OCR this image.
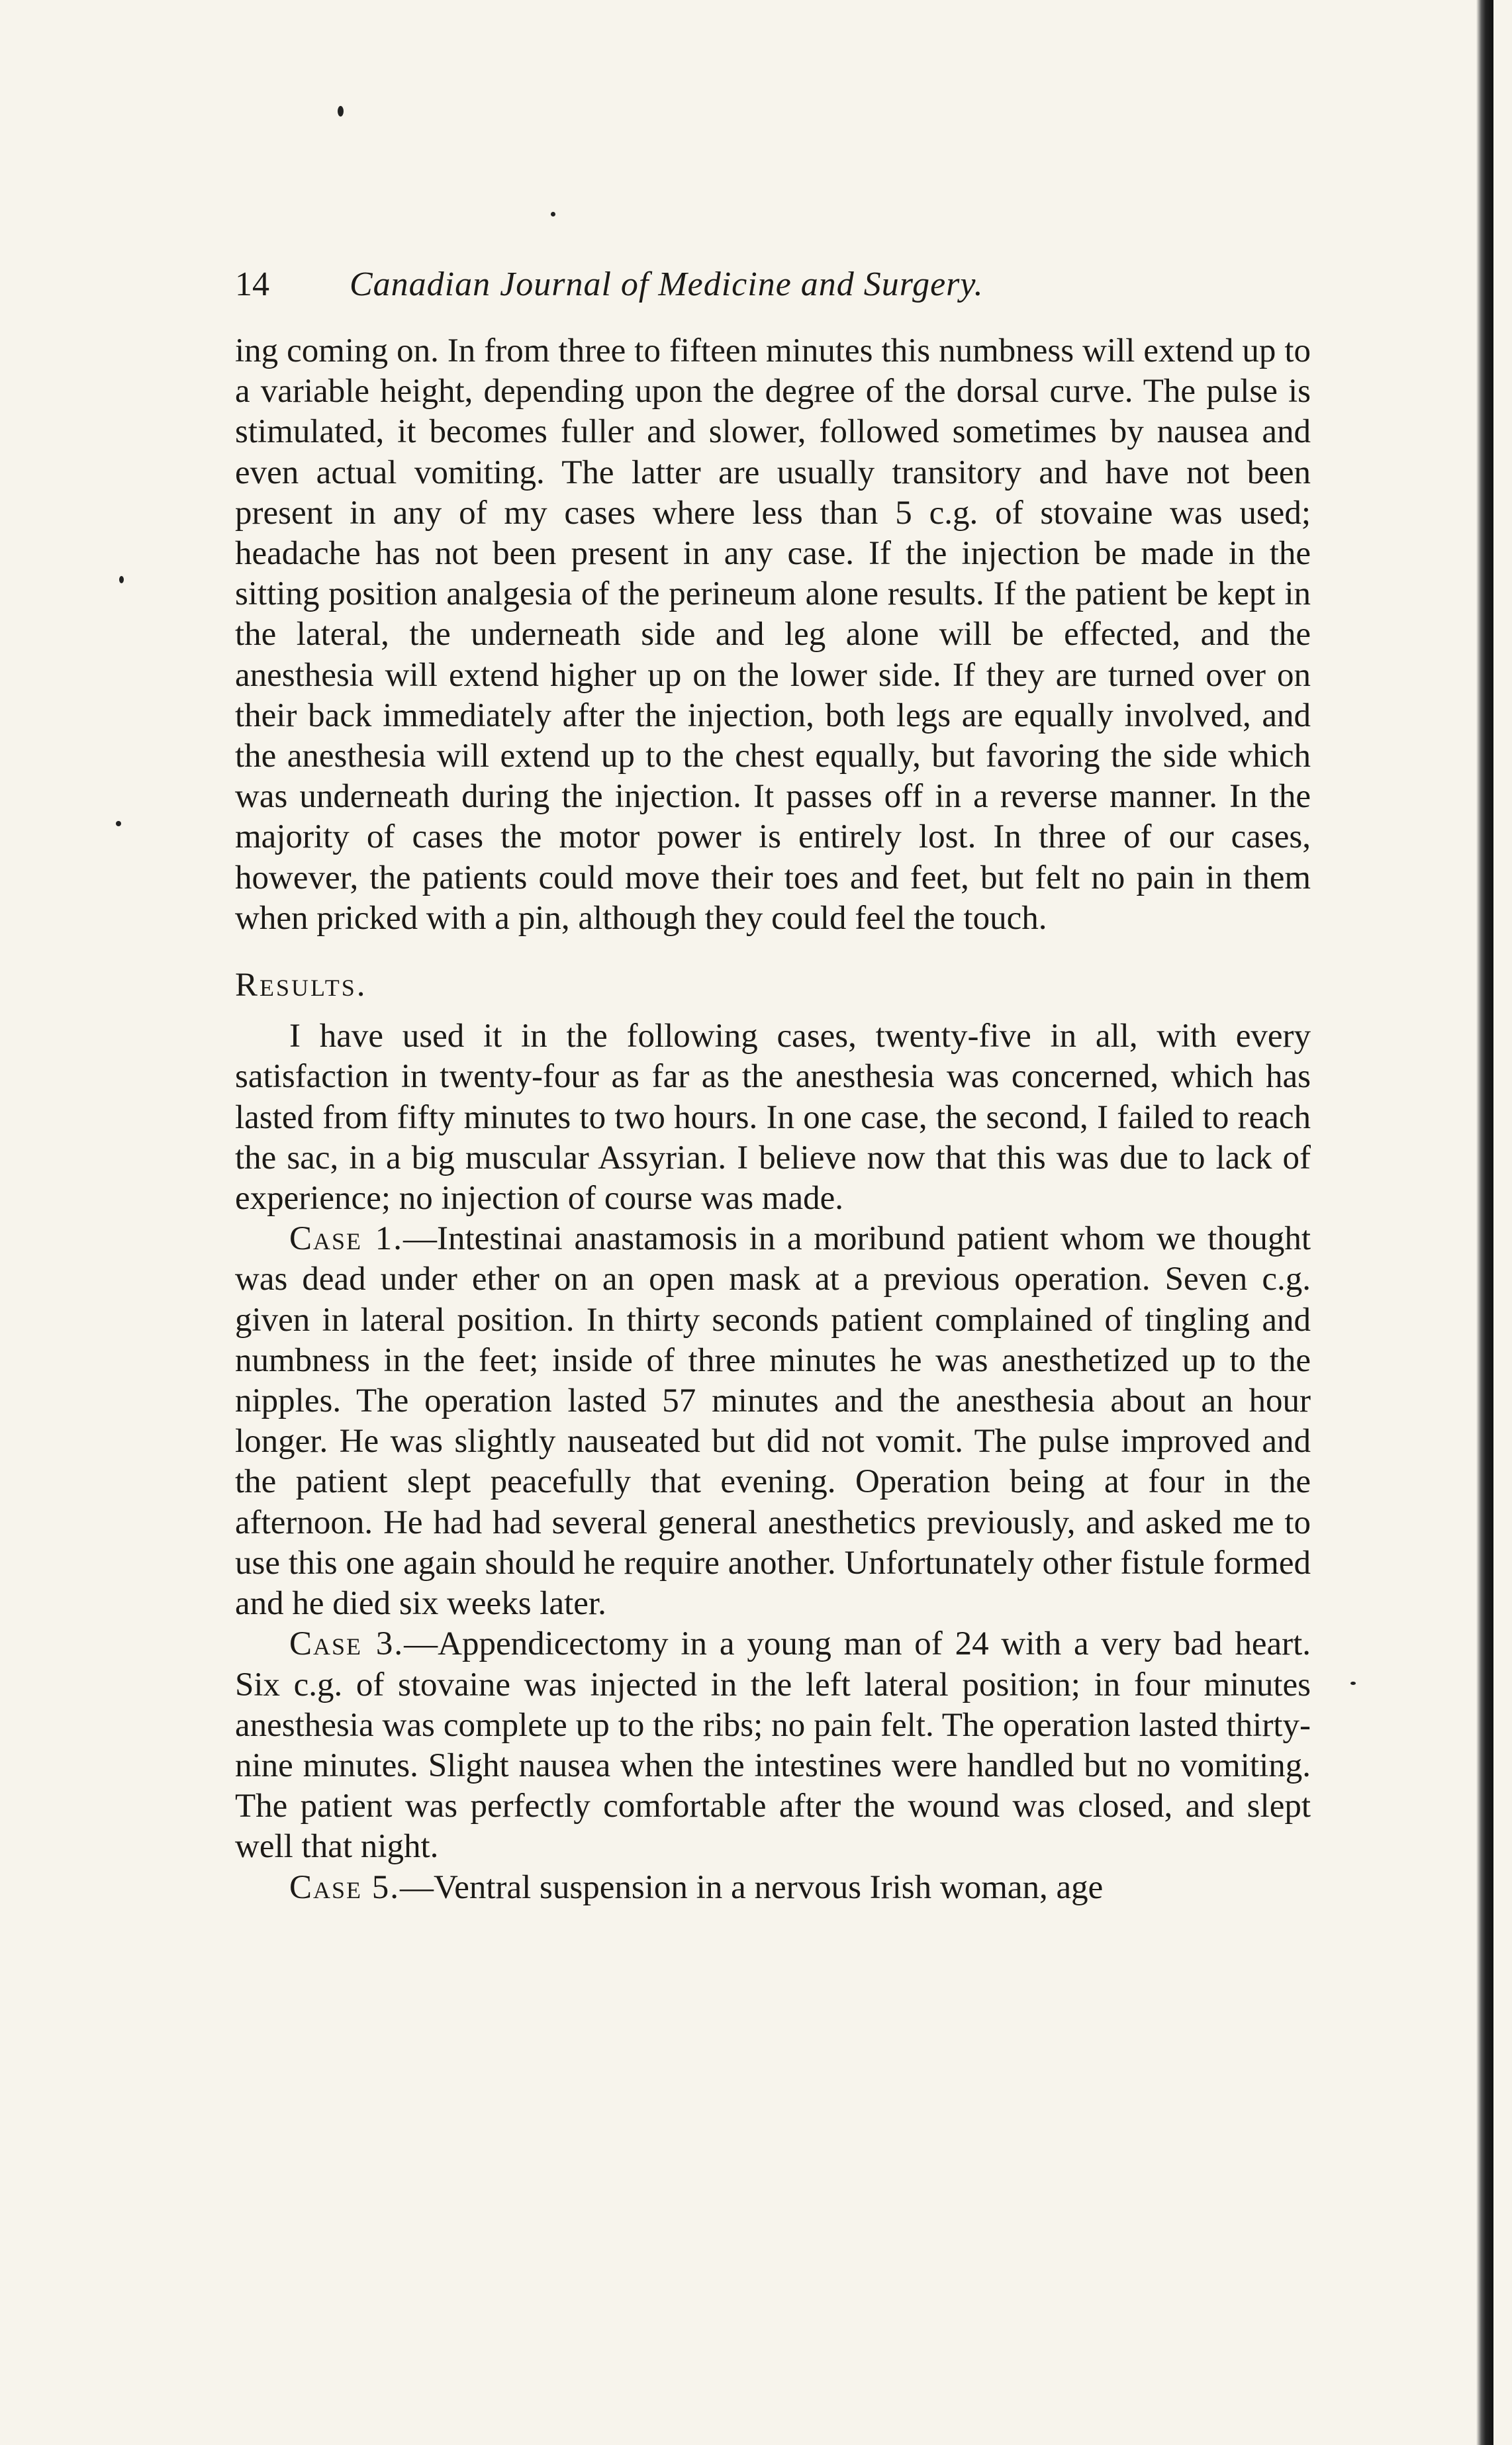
14 Canadian Journal of Medicine and Surgery.

ing coming on. In from three to fifteen minutes this numbness will extend up to a variable height, depending upon the degree of the dorsal curve. The pulse is stimulated, it becomes fuller and slower, followed sometimes by nausea and even actual vomiting. The latter are usually transitory and have not been present in any of my cases where less than 5 c.g. of stovaine was used; headache has not been present in any case. If the injection be made in the sitting position analgesia of the perineum alone results. If the patient be kept in the lateral, the underneath side and leg alone will be effected, and the anesthesia will extend higher up on the lower side. If they are turned over on their back immediately after the injection, both legs are equally involved, and the anesthesia will extend up to the chest equally, but favoring the side which was underneath during the injection. It passes off in a reverse manner. In the majority of cases the motor power is entirely lost. In three of our cases, however, the patients could move their toes and feet, but felt no pain in them when pricked with a pin, although they could feel the touch.

Results.

I have used it in the following cases, twenty-five in all, with every satisfaction in twenty-four as far as the anesthesia was concerned, which has lasted from fifty minutes to two hours. In one case, the second, I failed to reach the sac, in a big muscular Assyrian. I believe now that this was due to lack of experience; no injection of course was made.

Case 1.—Intestinai anastamosis in a moribund patient whom we thought was dead under ether on an open mask at a previous operation. Seven c.g. given in lateral position. In thirty seconds patient complained of tingling and numbness in the feet; inside of three minutes he was anesthetized up to the nipples. The operation lasted 57 minutes and the anesthesia about an hour longer. He was slightly nauseated but did not vomit. The pulse improved and the patient slept peacefully that evening. Operation being at four in the afternoon. He had had several general anesthetics previously, and asked me to use this one again should he require another. Unfortunately other fistule formed and he died six weeks later.

Case 3.—Appendicectomy in a young man of 24 with a very bad heart. Six c.g. of stovaine was injected in the left lateral position; in four minutes anesthesia was complete up to the ribs; no pain felt. The operation lasted thirty-nine minutes. Slight nausea when the intestines were handled but no vomiting. The patient was perfectly comfortable after the wound was closed, and slept well that night.

Case 5.—Ventral suspension in a nervous Irish woman, age
